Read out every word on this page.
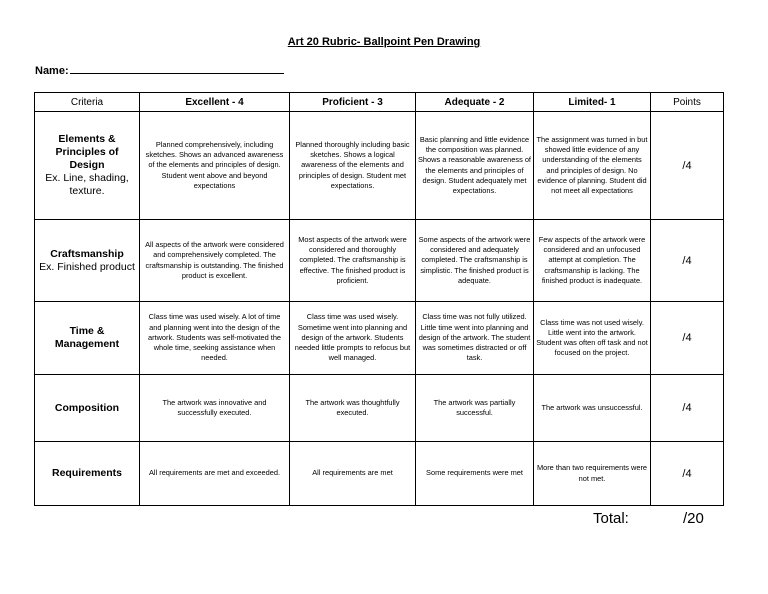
Art 20 Rubric- Ballpoint Pen Drawing
Name:
Criteria	Excellent - 4	Proficient - 3	Adequate - 2	Limited- 1	Points

Elements & Principles of Design
Ex. Line, shading, texture.	Planned comprehensively, including sketches. Shows an advanced awareness of the elements and principles of design. Student went above and beyond expectations	Planned thoroughly including basic sketches. Shows a logical awareness of the elements and principles of design. Student met expectations.	Basic planning and little evidence the composition was planned. Shows a reasonable awareness of the elements and principles of design. Student adequately met expectations.	The assignment was turned in but showed little evidence of any understanding of the elements and principles of design. No evidence of planning. Student did not meet all expectations	/4

Craftsmanship
Ex. Finished product	All aspects of the artwork were considered and comprehensively completed. The craftsmanship is outstanding. The finished product is excellent.	Most aspects of the artwork were considered and thoroughly completed. The craftsmanship is effective. The finished product is proficient.	Some aspects of the artwork were considered and adequately completed. The craftsmanship is simplistic. The finished product is adequate.	Few aspects of the artwork were considered and an unfocused attempt at completion. The craftsmanship is lacking. The finished product is inadequate.	/4

Time & Management	Class time was used wisely. A lot of time and planning went into the design of the artwork. Students was self-motivated the whole time, seeking assistance when needed.	Class time was used wisely. Sometime went into planning and design of the artwork. Students needed little prompts to refocus but well managed.	Class time was not fully utilized. Little time went into planning and design of the artwork. The student was sometimes distracted or off task.	Class time was not used wisely. Little went into the artwork. Student was often off task and not focused on the project.	/4

Composition	The artwork was innovative and successfully executed.	The artwork was thoughtfully executed.	The artwork was partially successful.	The artwork was unsuccessful.	/4

Requirements	All requirements are met and exceeded.	All requirements are met	Some requirements were met	More than two requirements were not met.	/4
Total:	/20
